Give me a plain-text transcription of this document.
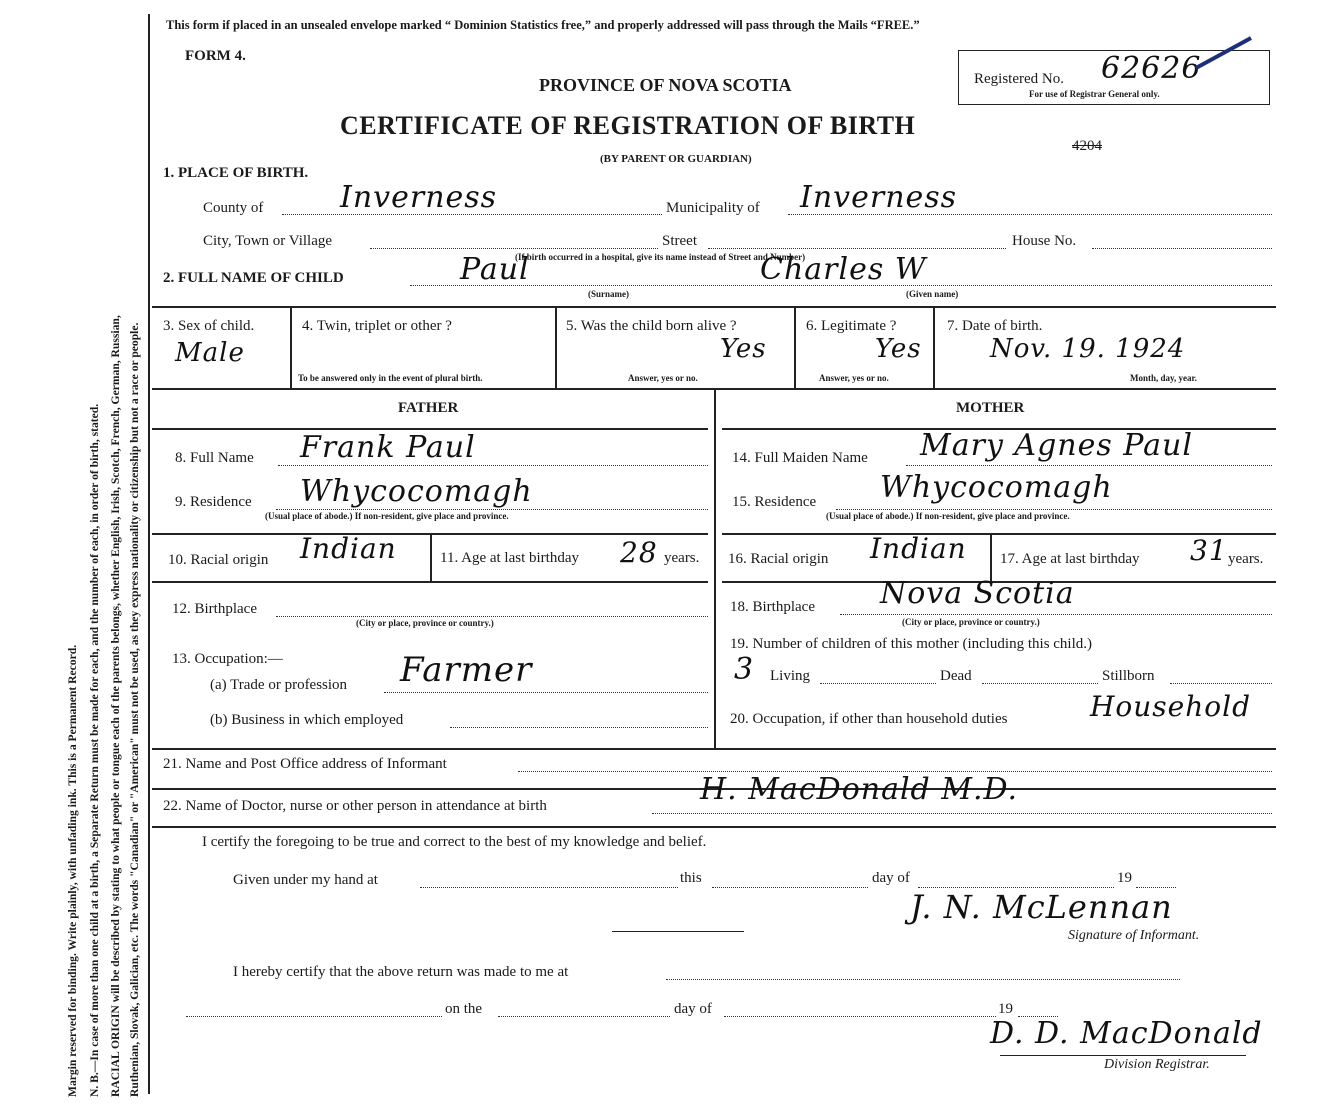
Margin reserved for binding. Write plainly, with unfading ink. This is a Permanent Record. N. B.—In case of more than one child at a birth, a Separate Return must be made for each, and the number of each, in order of birth, stated. RACIAL ORIGIN will be described by stating to what people or tongue each of the parents belongs, whether English, Irish, Scotch, French, German, Russian, Ruthenian, Slovak, Galician, etc. The words "Canadian" or "American" must not be used, as they express nationality or citizenship but not a race or people.
This form if placed in an unsealed envelope marked “ Dominion Statistics free,” and properly addressed will pass through the Mails “FREE.”
FORM 4.
PROVINCE OF NOVA SCOTIA
CERTIFICATE OF REGISTRATION OF BIRTH
(BY PARENT OR GUARDIAN)
Registered No. 62626
For use of Registrar General only.
4204
1. PLACE OF BIRTH.
County of	Inverness	Municipality of Inverness
City, Town or Village	Street	House No.
(If birth occurred in a hospital, give its name instead of Street and Number)
2. FULL NAME OF CHILD	Paul	Charles W
(Surname)	(Given name)
3. Sex of child.
Male
4. Twin, triplet or other ?
To be answered only in the event of plural birth.
5. Was the child born alive ?
Yes
Answer, yes or no.
6. Legitimate ?
Yes
Answer, yes or no.
7. Date of birth.
Nov. 19. 1924
Month, day, year.
FATHER	MOTHER
8. Full Name Frank Paul
9. Residence Whycocomagh
(Usual place of abode.) If non-resident, give place and province.
10. Racial origin Indian	11. Age at last birthday 28 years.
12. Birthplace
(City or place, province or country.)
13. Occupation:—
(a) Trade or profession Farmer
(b) Business in which employed
14. Full Maiden Name Mary Agnes Paul
15. Residence Whycocomagh
(Usual place of abode.) If non-resident, give place and province.
16. Racial origin Indian 17. Age at last birthday 31 years.
18. Birthplace Nova Scotia
(City or place, province or country.)
19. Number of children of this mother (including this child.)
3 Living	Dead	Stillborn
20. Occupation, if other than household duties	Household
21. Name and Post Office address of Informant
22. Name of Doctor, nurse or other person in attendance at birth	H. MacDonald M.D.
I certify the foregoing to be true and correct to the best of my knowledge and belief.
Given under my hand at	this	day of	19
J. N. McLennan
Signature of Informant.
I hereby certify that the above return was made to me at
on the	day of	19
D. D. MacDonald
Division Registrar.
